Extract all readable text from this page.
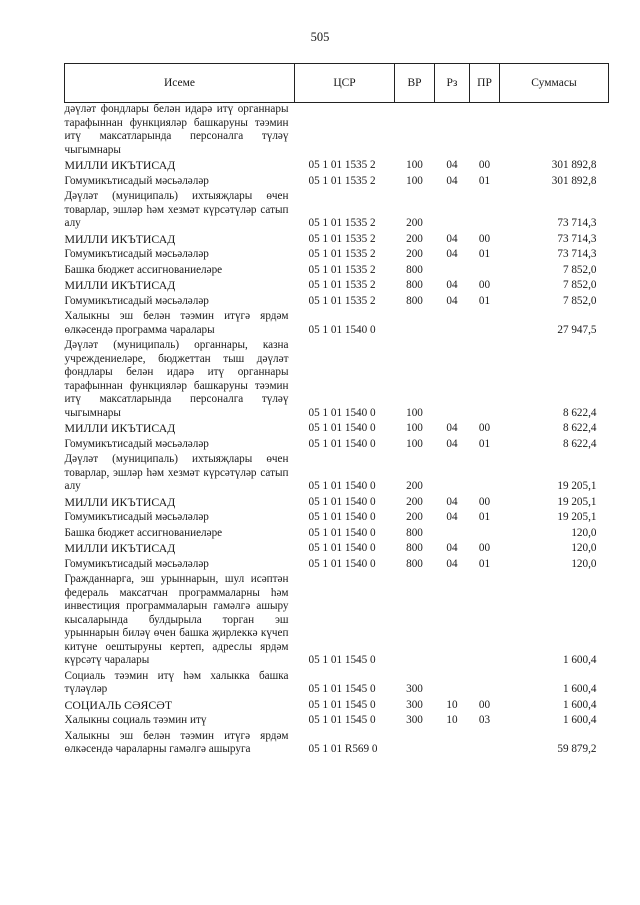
505
Исеме	ЦСР	ВР	Рз	ПР	Суммасы
дәүләт фондлары белән идарә итү органнары тарафыннан функцияләр башкаруны тәэмин итү максатларында персоналга түләү чыгымнары					
МИЛЛИ ИКЪТИСАД	05 1 01 1535 2	100	04	00	301 892,8
Гомумикътисадый мәсьәләләр	05 1 01 1535 2	100	04	01	301 892,8
Дәүләт (муниципаль) ихтыяҗлары өчен товарлар, эшләр һәм хезмәт күрсәтүләр сатып алу	05 1 01 1535 2	200			73 714,3
МИЛЛИ ИКЪТИСАД	05 1 01 1535 2	200	04	00	73 714,3
Гомумикътисадый мәсьәләләр	05 1 01 1535 2	200	04	01	73 714,3
Башка бюджет ассигнованиеләре	05 1 01 1535 2	800			7 852,0
МИЛЛИ ИКЪТИСАД	05 1 01 1535 2	800	04	00	7 852,0
Гомумикътисадый мәсьәләләр	05 1 01 1535 2	800	04	01	7 852,0
Халыкны эш белән тәэмин итүгә ярдәм өлкәсендә программа чаралары	05 1 01 1540 0				27 947,5
Дәүләт (муниципаль) органнары, казна учреждениеләре, бюджеттан тыш дәүләт фондлары белән идарә итү органнары тарафыннан функцияләр башкаруны тәэмин итү максатларында персоналга түләү чыгымнары	05 1 01 1540 0	100			8 622,4
МИЛЛИ ИКЪТИСАД	05 1 01 1540 0	100	04	00	8 622,4
Гомумикътисадый мәсьәләләр	05 1 01 1540 0	100	04	01	8 622,4
Дәүләт (муниципаль) ихтыяҗлары өчен товарлар, эшләр һәм хезмәт күрсәтүләр сатып алу	05 1 01 1540 0	200			19 205,1
МИЛЛИ ИКЪТИСАД	05 1 01 1540 0	200	04	00	19 205,1
Гомумикътисадый мәсьәләләр	05 1 01 1540 0	200	04	01	19 205,1
Башка бюджет ассигнованиеләре	05 1 01 1540 0	800			120,0
МИЛЛИ ИКЪТИСАД	05 1 01 1540 0	800	04	00	120,0
Гомумикътисадый мәсьәләләр	05 1 01 1540 0	800	04	01	120,0
Гражданнарга, эш урыннарын, шул исәптән федераль максатчан программаларны һәм инвестиция программаларын гамәлгә ашыру кысаларында булдырыла торган эш урыннарын биләү өчен башка җирлеккә күчеп китүне оештыруны кертеп, адреслы ярдәм күрсәтү чаралары	05 1 01 1545 0				1 600,4
Социаль тәэмин итү һәм халыкка башка түләүләр	05 1 01 1545 0	300			1 600,4
СОЦИАЛЬ СӘЯСӘТ	05 1 01 1545 0	300	10	00	1 600,4
Халыкны социаль тәэмин итү	05 1 01 1545 0	300	10	03	1 600,4
Халыкны эш белән тәэмин итүгә ярдәм өлкәсендә чараларны гамәлгә ашыруга	05 1 01 R569 0				59 879,2
